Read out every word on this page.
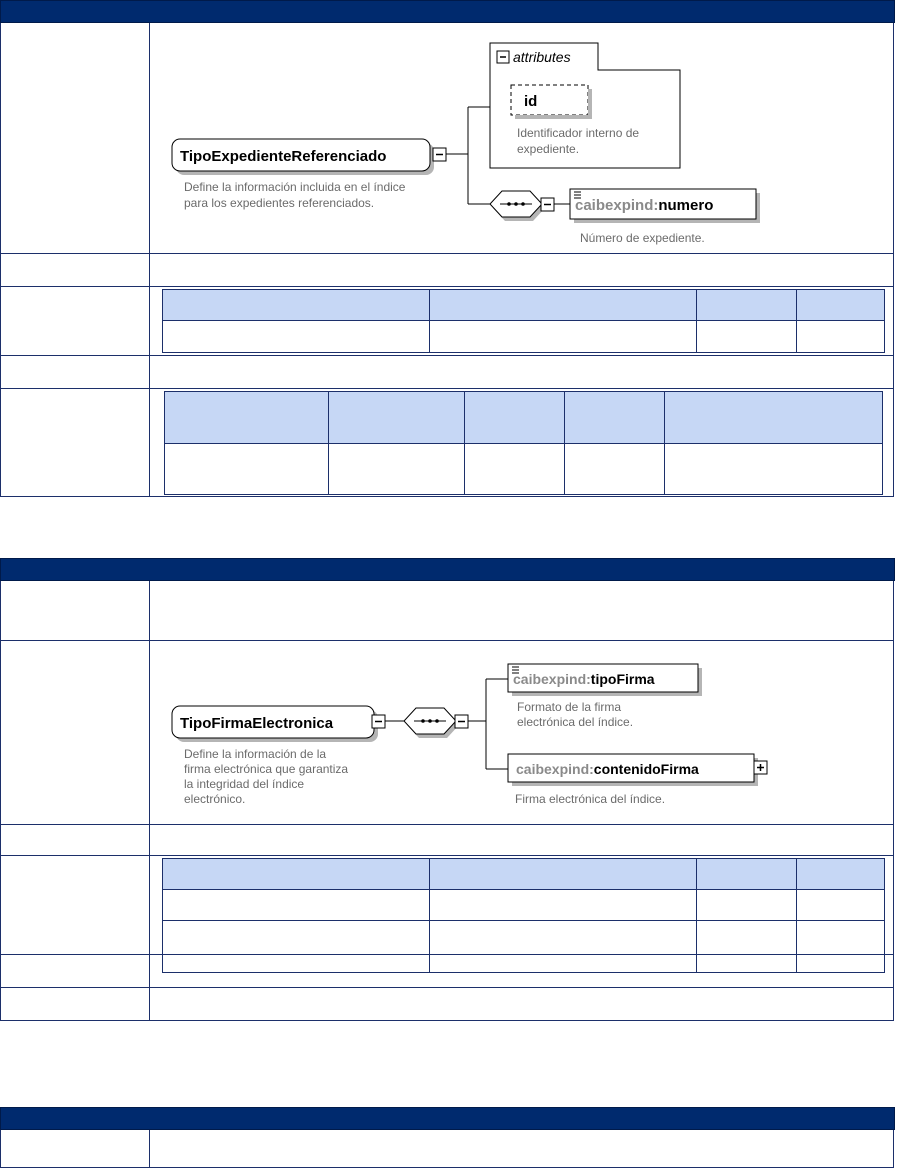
attributes
id
Identificador interno de
expediente.
TipoExpedienteReferenciado
Define la información incluida en el índice
para los expedientes referenciados.	caibexpind:numero
Número de expediente.

TipoFirmaElectronica
Define la información de la
firma electrónica que garantiza
la integridad del índice
electrónico.
caibexpind:tipoFirma
Formato de la firma
electrónica del índice.
caibexpind:contenidoFirma
Firma electrónica del índice.
